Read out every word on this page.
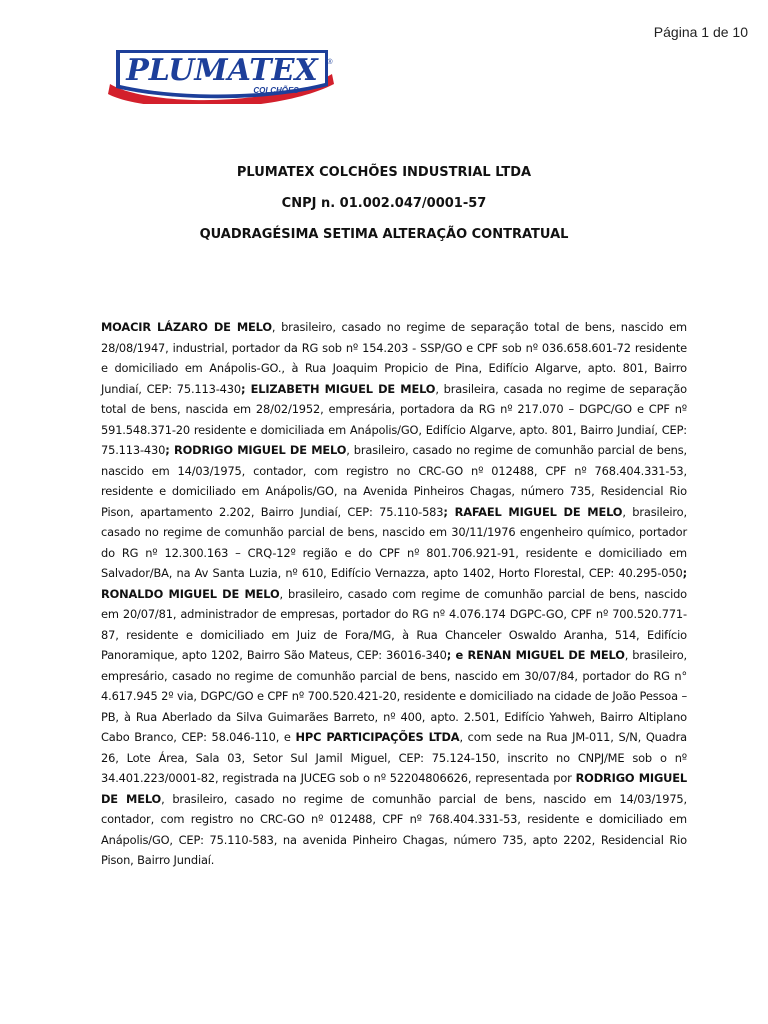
Página 1 de 10
PLUMATEX
COLCHÕES
®
PLUMATEX COLCHÕES INDUSTRIAL LTDA
CNPJ n. 01.002.047/0001-57
QUADRAGÉSIMA SETIMA ALTERAÇÃO CONTRATUAL
MOACIR LÁZARO DE MELO, brasileiro, casado no regime de separação total de bens, nascido em 28/08/1947, industrial, portador da RG sob nº 154.203 - SSP/GO e CPF sob nº 036.658.601-72 residente e domiciliado em Anápolis-GO., à Rua Joaquim Propicio de Pina, Edifício Algarve, apto. 801, Bairro Jundiaí, CEP: 75.113-430; ELIZABETH MIGUEL DE MELO, brasileira, casada no regime de separação total de bens, nascida em 28/02/1952, empresária, portadora da RG nº 217.070 – DGPC/GO e CPF nº 591.548.371-20 residente e domiciliada em Anápolis/GO, Edifício Algarve, apto. 801, Bairro Jundiaí, CEP: 75.113-430; RODRIGO MIGUEL DE MELO, brasileiro, casado no regime de comunhão parcial de bens, nascido em 14/03/1975, contador, com registro no CRC-GO nº 012488, CPF nº 768.404.331-53, residente e domiciliado em Anápolis/GO, na Avenida Pinheiros Chagas, número 735, Residencial Rio Pison, apartamento 2.202, Bairro Jundiaí, CEP: 75.110-583; RAFAEL MIGUEL DE MELO, brasileiro, casado no regime de comunhão parcial de bens, nascido em 30/11/1976 engenheiro químico, portador do RG nº 12.300.163 – CRQ-12º região e do CPF nº 801.706.921-91, residente e domiciliado em Salvador/BA, na Av Santa Luzia, nº 610, Edifício Vernazza, apto 1402, Horto Florestal, CEP: 40.295-050; RONALDO MIGUEL DE MELO, brasileiro, casado com regime de comunhão parcial de bens, nascido em 20/07/81, administrador de empresas, portador do RG nº 4.076.174 DGPC-GO, CPF nº 700.520.771-87, residente e domiciliado em Juiz de Fora/MG, à Rua Chanceler Oswaldo Aranha, 514, Edifício Panoramique, apto 1202, Bairro São Mateus, CEP: 36016-340; e RENAN MIGUEL DE MELO, brasileiro, empresário, casado no regime de comunhão parcial de bens, nascido em 30/07/84, portador do RG n° 4.617.945 2º via, DGPC/GO e CPF nº 700.520.421-20, residente e domiciliado na cidade de João Pessoa – PB, à Rua Aberlado da Silva Guimarães Barreto, nº 400, apto. 2.501, Edifício Yahweh, Bairro Altiplano Cabo Branco, CEP: 58.046-110, e HPC PARTICIPAÇÕES LTDA, com sede na Rua JM-011, S/N, Quadra 26, Lote Área, Sala 03, Setor Sul Jamil Miguel, CEP: 75.124-150, inscrito no CNPJ/ME sob o nº 34.401.223/0001-82, registrada na JUCEG sob o nº 52204806626, representada por RODRIGO MIGUEL DE MELO, brasileiro, casado no regime de comunhão parcial de bens, nascido em 14/03/1975, contador, com registro no CRC-GO nº 012488, CPF nº 768.404.331-53, residente e domiciliado em Anápolis/GO, CEP: 75.110-583, na avenida Pinheiro Chagas, número 735, apto 2202, Residencial Rio Pison, Bairro Jundiaí.
